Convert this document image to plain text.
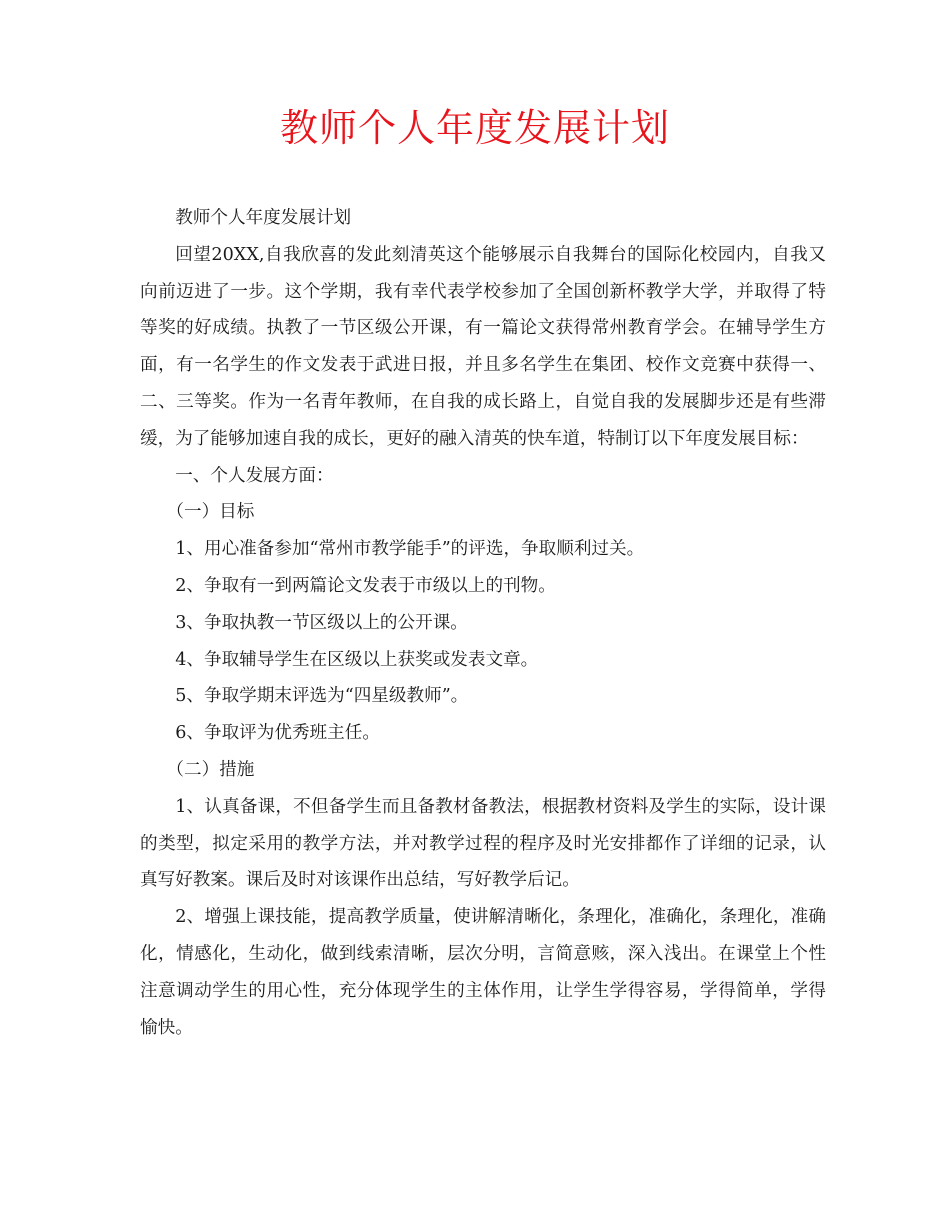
教师个人年度发展计划

教师个人年度发展计划

回望20XX,自我欣喜的发此刻清英这个能够展示自我舞台的国际化校园内，自我又向前迈进了一步。这个学期，我有幸代表学校参加了全国创新杯教学大学，并取得了特等奖的好成绩。执教了一节区级公开课，有一篇论文获得常州教育学会。在辅导学生方面，有一名学生的作文发表于武进日报，并且多名学生在集团、校作文竞赛中获得一、二、三等奖。作为一名青年教师，在自我的成长路上，自觉自我的发展脚步还是有些滞缓，为了能够加速自我的成长，更好的融入清英的快车道，特制订以下年度发展目标：

一、个人发展方面：

（一）目标

1、用心准备参加“常州市教学能手”的评选，争取顺利过关。

2、争取有一到两篇论文发表于市级以上的刊物。

3、争取执教一节区级以上的公开课。

4、争取辅导学生在区级以上获奖或发表文章。

5、争取学期末评选为“四星级教师”。

6、争取评为优秀班主任。

（二）措施

1、认真备课，不但备学生而且备教材备教法，根据教材资料及学生的实际，设计课的类型，拟定采用的教学方法，并对教学过程的程序及时光安排都作了详细的记录，认真写好教案。课后及时对该课作出总结，写好教学后记。

2、增强上课技能，提高教学质量，使讲解清晰化，条理化，准确化，条理化，准确化，情感化，生动化，做到线索清晰，层次分明，言简意赅，深入浅出。在课堂上个性注意调动学生的用心性，充分体现学生的主体作用，让学生学得容易，学得简单，学得愉快。
